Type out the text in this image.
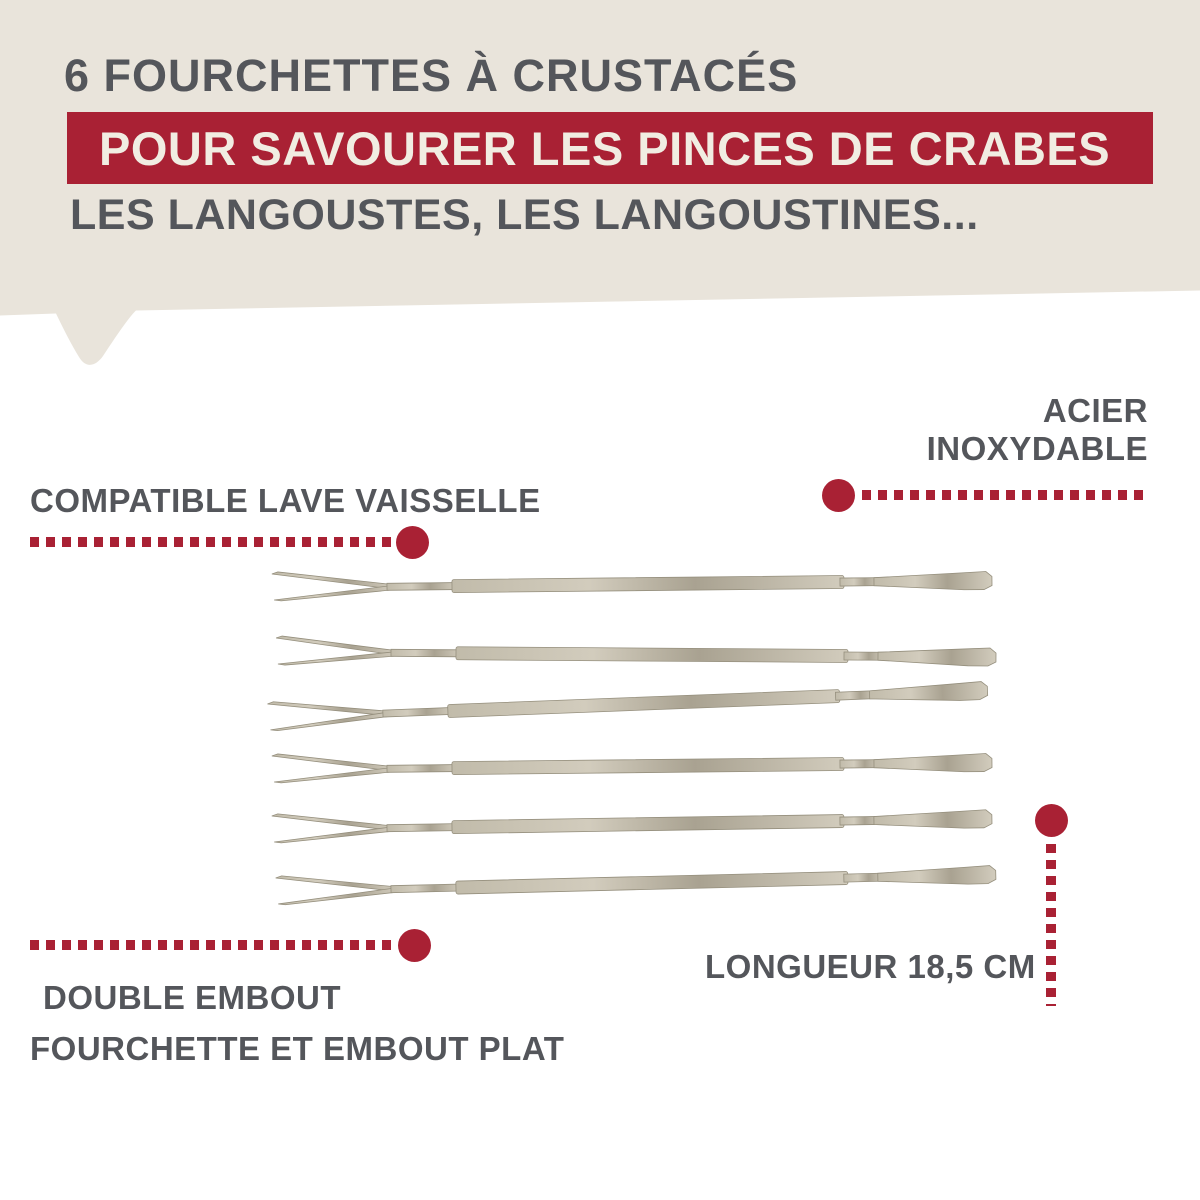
6 FOURCHETTES À CRUSTACÉS
POUR SAVOURER LES PINCES DE CRABES
LES LANGOUSTES, LES LANGOUSTINES...
ACIER
INOXYDABLE
COMPATIBLE LAVE VAISSELLE
LONGUEUR 18,5 CM
DOUBLE EMBOUT
FOURCHETTE ET EMBOUT PLAT
